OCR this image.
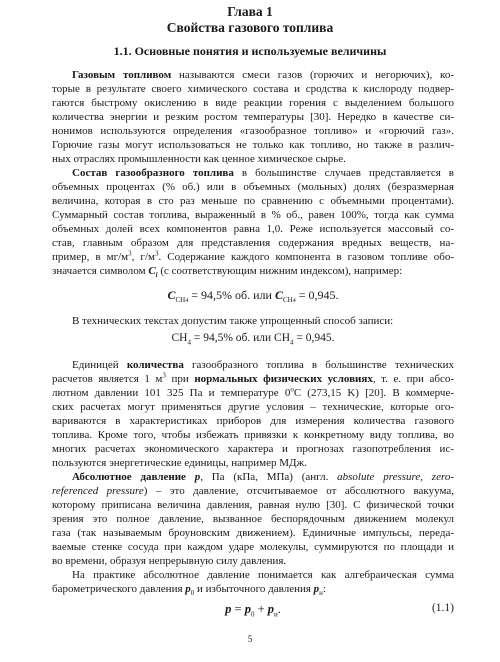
Глава 1
Свойства газового топлива
1.1. Основные понятия и используемые величины
Газовым топливом называются смеси газов (горючих и негорючих), ко-
торые в результате своего химического состава и сродства к кислороду подвер-
гаются быстрому окислению в виде реакции горения с выделением большого
количества энергии и резким ростом температуры [30]. Нередко в качестве си-
нонимов используются определения «газообразное топливо» и «горючий газ».
Горючие газы могут использоваться не только как топливо, но также в различ-
ных отраслях промышленности как ценное химическое сырье.
Состав газообразного топлива в большинстве случаев представляется в
объемных процентах (% об.) или в объемных (мольных) долях (безразмерная
величина, которая в сто раз меньше по сравнению с объемными процентами).
Суммарный состав топлива, выраженный в % об., равен 100%, тогда как сумма
объемных долей всех компонентов равна 1,0. Реже используется массовый со-
став, главным образом для представления содержания вредных веществ, на-
пример, в $мг/м^3$, $г/м^3$. Содержание каждого компонента в газовом топливе обо-
значается символом $C_i$ (с соответствующим нижним индексом), например:
$C_{CH4} = 94,5\%$ об. или $C_{CH4} = 0,945$.
В технических текстах допустим также упрощенный способ записи:
$CH_4 = 94,5\%$ об. или $CH_4 = 0,945$.
Единицей количества газообразного топлива в большинстве технических
расчетов является 1 $м^3$ при нормальных физических условиях, т. е. при абсо-
лютном давлении 101 325 Па и температуре 0$^o$C (273,15 K) [20]. В коммерче-
ских расчетах могут применяться другие условия – технические, которые ого-
вариваются в характеристиках приборов для измерения количества газового
топлива. Кроме того, чтобы избежать привязки к конкретному виду топлива, во
многих расчетах экономического характера и прогнозах газопотребления ис-
пользуются энергетические единицы, например МДж.
Абсолютное давление p, Па (кПа, МПа) (англ. absolute pressure, zero-
referenced pressure) – это давление, отсчитываемое от абсолютного вакуума,
которому приписана величина давления, равная нулю [30]. С физической точки
зрения это полное давление, вызванное беспорядочным движением молекул
газа (так называемым броуновским движением). Единичные импульсы, переда-
ваемые стенке сосуда при каждом ударе молекулы, суммируются по площади и
во времени, образуя непрерывную силу давления.
На практике абсолютное давление понимается как алгебраическая сумма
барометрического давления $p_0$ и избыточного давления $p_и$:
$p = p_0 + p_и$.	(1.1)
5
